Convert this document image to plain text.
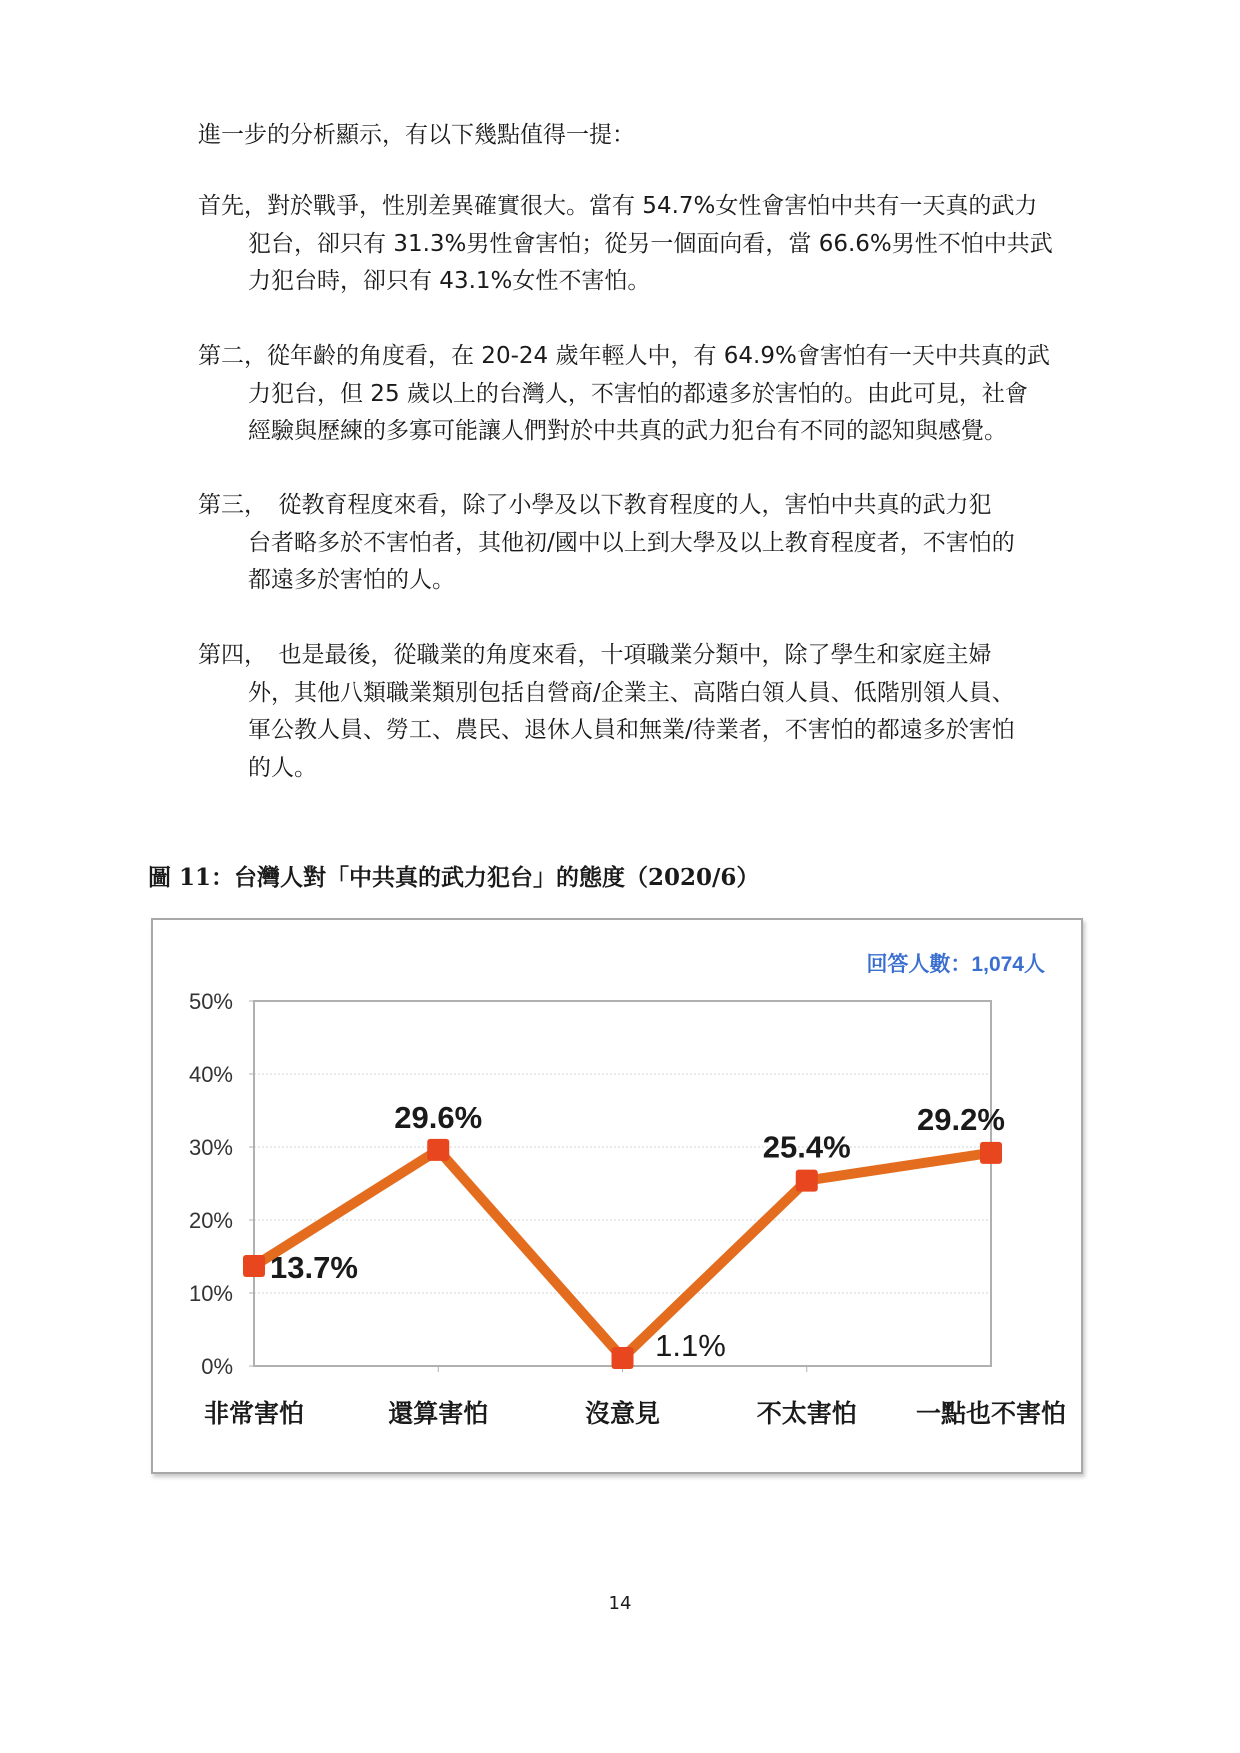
進一步的分析顯示，有以下幾點值得一提：

首先，對於戰爭，性別差異確實很大。當有 54.7%女性會害怕中共有一天真的武力
犯台，卻只有 31.3%男性會害怕；從另一個面向看，當 66.6%男性不怕中共武
力犯台時，卻只有 43.1%女性不害怕。

第二，從年齡的角度看，在 20-24 歲年輕人中，有 64.9%會害怕有一天中共真的武
力犯台，但 25 歲以上的台灣人，不害怕的都遠多於害怕的。由此可見，社會
經驗與歷練的多寡可能讓人們對於中共真的武力犯台有不同的認知與感覺。

第三，　從教育程度來看，除了小學及以下教育程度的人，害怕中共真的武力犯
台者略多於不害怕者，其他初/國中以上到大學及以上教育程度者，不害怕的
都遠多於害怕的人。

第四，　也是最後，從職業的角度來看，十項職業分類中，除了學生和家庭主婦
外，其他八類職業類別包括自營商/企業主、高階白領人員、低階別領人員、
軍公教人員、勞工、農民、退休人員和無業/待業者，不害怕的都遠多於害怕
的人。

圖 11：台灣人對「中共真的武力犯台」的態度（2020/6）

0%
10%
20%
30%
40%
50%
非常害怕	還算害怕	沒意見	不太害怕 一點也不害怕
13.7%
29.6%
1.1%
25.4%
29.2%
回答人數：1,074人

14
